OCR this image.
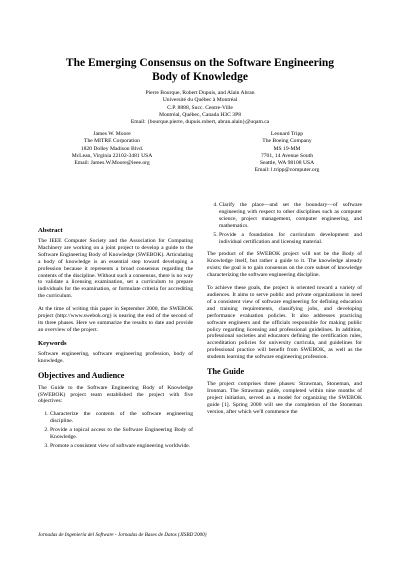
The Emerging Consensus on the Software Engineering
Body of Knowledge
Pierre Bourque, Robert Dupuis, and Alain Abran
Université du Québec à Montréal
C.P. 8888, Succ. Centre-Ville
Montréal, Québec, Canada H3C 3P8
Email: {bourque.pierre, dupuis.robert, abran.alain}@uqam.ca
James W. Moore
The MITRE Corporation
1820 Dolley Madison Blvd.
McLean, Virginia 22102-3481 USA
Email: James.W.Moore@ieee.org
Leonard Tripp
The Boeing Company
MS 19-MM
7701, 14 Avenue South
Seattle, WA 98108 USA
Email: l.tripp@computer.org
Abstract

The IEEE Computer Society and the Association for Computing Machinery are working on a joint project to develop a guide to the Software Engineering Body of Knowledge (SWEBOK). Articulating a body of knowledge is an essential step toward developing a profession because it represents a broad consensus regarding the contents of the discipline. Without such a consensus, there is no way to validate a licensing examination, set a curriculum to prepare individuals for the examination, or formulate criteria for accrediting the curriculum.

At the time of writing this paper in September 2000, the SWEBOK project (http://www.swebok.org) is nearing the end of the second of its three phases. Here we summarize the results to date and provide an overview of the project.

Keywords

Software engineering, software engineering profession, body of knowledge.

Objectives and Audience

The Guide to the Software Engineering Body of Knowledge (SWEBOK) project team established the project with five objectives:

1. Characterize the contents of the software engineering discipline.
2. Provide a topical access to the Software Engineering Body of Knowledge.
3. Promote a consistent view of software engineering worldwide.
4. Clarify the place—and set the boundary—of software engineering with respect to other disciplines such as computer science, project management, computer engineering, and mathematics.
5. Provide a foundation for curriculum development and individual certification and licensing material.

The product of the SWEBOK project will not be the Body of Knowledge itself, but rather a guide to it. The knowledge already exists; the goal is to gain consensus on the core subset of knowledge characterizing the software engineering discipline.

To achieve these goals, the project is oriented toward a variety of audiences. It aims to serve public and private organizations in need of a consistent view of software engineering for defining education and training requirements, classifying jobs, and developing performance evaluation policies. It also addresses practicing software engineers and the officials responsible for making public policy regarding licensing and professional guidelines. In addition, professional societies and educators defining the certification rules, accreditation policies for university curricula, and guidelines for professional practice will benefit from SWEBOK, as well as the students learning the software engineering profession.

The Guide

The project comprises three phases: Strawman, Stoneman, and Ironman. The Strawman guide, completed within nine months of project initiation, served as a model for organizing the SWEBOK guide [1]. Spring 2000 will see the completion of the Stoneman version, after which we'll commence the

Jornadas de Ingeniería del Software - Jornadas de Bases de Datos (JISBD'2000)
